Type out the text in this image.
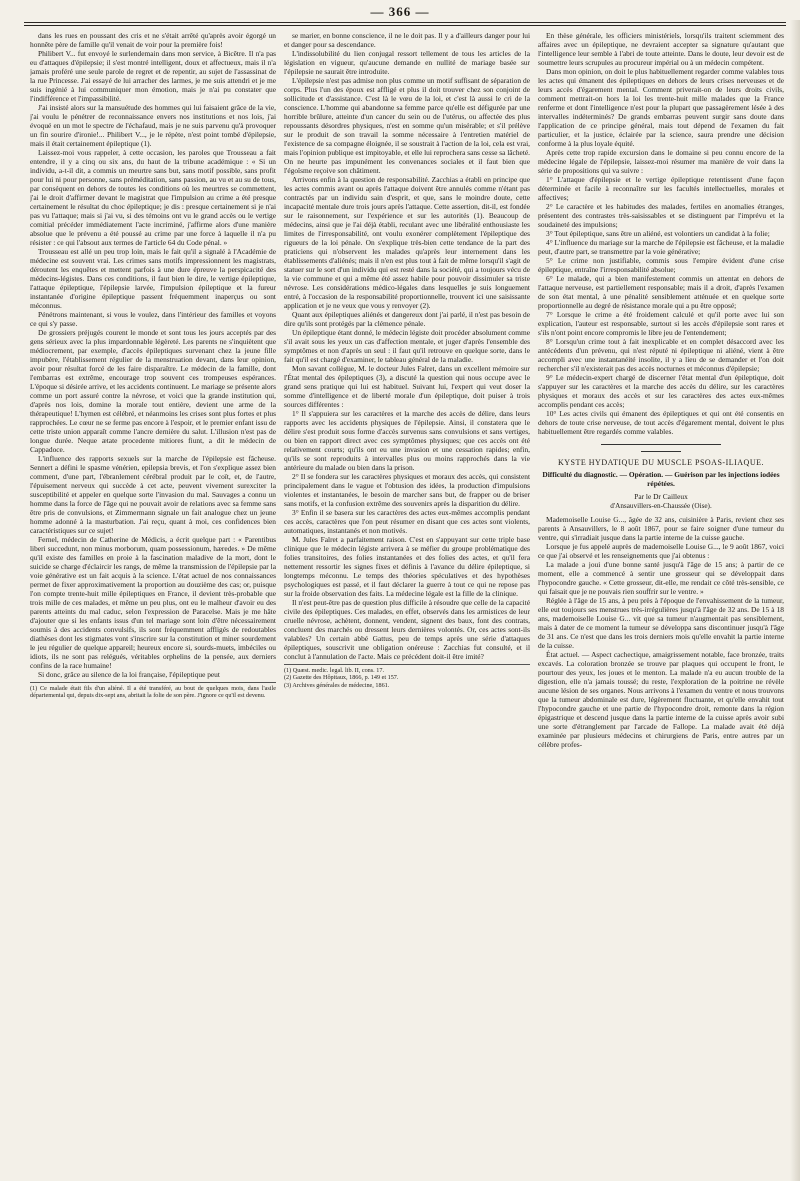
— 366 —

dans les rues en poussant des cris et ne s'était arrêté qu'après avoir égorgé un honnête père de famille qu'il venait de voir pour la première fois!

Philibert V... fut envoyé le surlendemain dans mon service, à Bicêtre. Il n'a pas eu d'attaques d'épilepsie; il s'est montré intelligent, doux et affectueux, mais il n'a jamais proféré une seule parole de regret et de repentir, au sujet de l'assassinat de la rue Princesse. J'ai essayé de lui arracher des larmes, je me suis attendri et je me suis ingénié à lui communiquer mon émotion, mais je n'ai pu constater que l'indifférence et l'impassibilité.

J'ai insisté alors sur la mansuétude des hommes qui lui faisaient grâce de la vie, j'ai voulu le pénétrer de reconnaissance envers nos institutions et nos lois, j'ai évoqué en un mot le spectre de l'échafaud, mais je ne suis parvenu qu'à provoquer un fin sourire d'ironie!... Philibert V..., je le répète, n'est point tombé d'épilepsie, mais il était certainement épileptique (1).

Laissez-moi vous rappeler, à cette occasion, les paroles que Trousseau a fait entendre, il y a cinq ou six ans, du haut de la tribune académique : « Si un individu, a-t-il dit, a commis un meurtre sans but, sans motif possible, sans profit pour lui ni pour personne, sans préméditation, sans passion, au vu et au su de tous, par conséquent en dehors de toutes les conditions où les meurtres se commettent, j'ai le droit d'affirmer devant le magistrat que l'impulsion au crime a été presque certainement le résultat du choc épileptique; je dis : presque certainement si je n'ai pas vu l'attaque; mais si j'ai vu, si des témoins ont vu le grand accès ou le vertige comitial précéder immédiatement l'acte incriminé, j'affirme alors d'une manière absolue que le prévenu a été poussé au crime par une force à laquelle il n'a pu résister : ce qui l'absout aux termes de l'article 64 du Code pénal. »

Trousseau est allé un peu trop loin, mais le fait qu'il a signalé à l'Académie de médecine est souvent vrai. Les crimes sans motifs impressionnent les magistrats, déroutent les enquêtes et mettent parfois à une dure épreuve la perspicacité des médecins-légistes. Dans ces conditions, il faut bien le dire, le vertige épileptique, l'attaque épileptique, l'épilepsie larvée, l'impulsion épileptique et la fureur instantanée d'origine épileptique passent fréquemment inaperçus ou sont méconnus.

Pénétrons maintenant, si vous le voulez, dans l'intérieur des familles et voyons ce qui s'y passe.

De grossiers préjugés courent le monde et sont tous les jours acceptés par des gens sérieux avec la plus impardonnable légèreté. Les parents ne s'inquiètent que médiocrement, par exemple, d'accès épileptiques survenant chez la jeune fille impubère, l'établissement régulier de la menstruation devant, dans leur opinion, avoir pour résultat forcé de les faire disparaître. Le médecin de la famille, dont l'embarras est extrême, encourage trop souvent ces trompeuses espérances. L'époque si désirée arrive, et les accidents continuent. Le mariage se présente alors comme un port assuré contre la névrose, et voici que la grande institution qui, d'après nos lois, domine la morale tout entière, devient une arme de la thérapeutique! L'hymen est célébré, et néanmoins les crises sont plus fortes et plus rapprochées. Le cœur ne se ferme pas encore à l'espoir, et le premier enfant issu de cette triste union apparaît comme l'ancre dernière du salut. L'illusion n'est pas de longue durée. Neque ætate procedente mitiores fiunt, a dit le médecin de Cappadoce.

L'influence des rapports sexuels sur la marche de l'épilepsie est fâcheuse. Sennert a défini le spasme vénérien, epilepsia brevis, et l'on s'explique assez bien comment, d'une part, l'ébranlement cérébral produit par le coït, et, de l'autre, l'épuisement nerveux qui succède à cet acte, peuvent vivement surexciter la susceptibilité et appeler en quelque sorte l'invasion du mal. Sauvages a connu un homme dans la force de l'âge qui ne pouvait avoir de relations avec sa femme sans être pris de convulsions, et Zimmermann signale un fait analogue chez un jeune homme adonné à la masturbation. J'ai reçu, quant à moi, ces confidences bien caractéristiques sur ce sujet!

Fernel, médecin de Catherine de Médicis, a écrit quelque part : « Parentibus liberi succedunt, non minus morborum, quam possessionum, hæredes. » De même qu'il existe des familles en proie à la fascination maladive de la mort, dont le suicide se charge d'éclaircir les rangs, de même la transmission de l'épilepsie par la voie générative est un fait acquis à la science. L'état actuel de nos connaissances permet de fixer approximativement la proportion au douzième des cas; or, puisque l'on compte trente-huit mille épileptiques en France, il devient très-probable que trois mille de ces malades, et même un peu plus, ont eu le malheur d'avoir eu des parents atteints du mal caduc, selon l'expression de Paracelse. Mais je me hâte d'ajouter que si les enfants issus d'un tel mariage sont loin d'être nécessairement soumis à des accidents convulsifs, ils sont fréquemment affligés de redoutables diathèses dont les stigmates vont s'inscrire sur la constitution et miner sourdement le jeu régulier de quelque appareil; heureux encore si, sourds-muets, imbéciles ou idiots, ils ne sont pas relégués, véritables orphelins de la pensée, aux derniers confins de la race humaine!

Si donc, grâce au silence de la loi française, l'épileptique peut

(1) Ce malade était fils d'un aliéné. Il a été transféré, au bout de quelques mois, dans l'asile départemental qui, depuis dix-sept ans, abritait la folie de son père. J'ignore ce qu'il est devenu.

se marier, en bonne conscience, il ne le doit pas. Il y a d'ailleurs danger pour lui et danger pour sa descendance.

L'indissolubilité du lien conjugal ressort tellement de tous les articles de la législation en vigueur, qu'aucune demande en nullité de mariage basée sur l'épilepsie ne saurait être introduite.

L'épilepsie n'est pas admise non plus comme un motif suffisant de séparation de corps. Plus l'un des époux est affligé et plus il doit trouver chez son conjoint de sollicitude et d'assistance. C'est là le vœu de la loi, et c'est là aussi le cri de la conscience. L'homme qui abandonne sa femme parce qu'elle est défigurée par une horrible brûlure, atteinte d'un cancer du sein ou de l'utérus, ou affectée des plus repoussants désordres physiques, n'est en somme qu'un misérable; et s'il prélève sur le produit de son travail la somme nécessaire à l'entretien matériel de l'existence de sa compagne éloignée, il se soustrait à l'action de la loi, cela est vrai, mais l'opinion publique est impitoyable, et elle lui reprochera sans cesse sa lâcheté. On ne heurte pas impunément les convenances sociales et il faut bien que l'égoïsme reçoive son châtiment.

Arrivons enfin à la question de responsabilité. Zacchias a établi en principe que les actes commis avant ou après l'attaque doivent être annulés comme n'étant pas contractés par un individu sain d'esprit, et que, sans le moindre doute, cette incapacité mentale dure trois jours après l'attaque. Cette assertion, dit-il, est fondée sur le raisonnement, sur l'expérience et sur les autorités (1). Beaucoup de médecins, ainsi que je l'ai déjà établi, reculant avec une libéralité enthousiaste les limites de l'irresponsabilité, ont voulu exonérer complètement l'épileptique des rigueurs de la loi pénale. On s'explique très-bien cette tendance de la part des praticiens qui n'observent les malades qu'après leur internement dans les établissements d'aliénés; mais il n'en est plus tout à fait de même lorsqu'il s'agit de statuer sur le sort d'un individu qui est resté dans la société, qui a toujours vécu de la vie commune et qui a même été assez habile pour pouvoir dissimuler sa triste névrose. Les considérations médico-légales dans lesquelles je suis longuement entré, à l'occasion de la responsabilité proportionnelle, trouvent ici une saisissante application et je ne veux que vous y renvoyer (2).

Quant aux épileptiques aliénés et dangereux dont j'ai parlé, il n'est pas besoin de dire qu'ils sont protégés par la clémence pénale.

Un épileptique étant donné, le médecin légiste doit procéder absolument comme s'il avait sous les yeux un cas d'affection mentale, et juger d'après l'ensemble des symptômes et non d'après un seul : il faut qu'il retrouve en quelque sorte, dans le fait qu'il est chargé d'examiner, le tableau général de la maladie.

Mon savant collègue, M. le docteur Jules Falret, dans un excellent mémoire sur l'État mental des épileptiques (3), a discuté la question qui nous occupe avec le grand sens pratique qui lui est habituel. Suivant lui, l'expert qui veut doser la somme d'intelligence et de liberté morale d'un épileptique, doit puiser à trois sources différentes :

1° Il s'appuiera sur les caractères et la marche des accès de délire, dans leurs rapports avec les accidents physiques de l'épilepsie. Ainsi, il constatera que le délire s'est produit sous forme d'accès survenus sans convulsions et sans vertiges, ou bien en rapport direct avec ces symptômes physiques; que ces accès ont été relativement courts; qu'ils ont eu une invasion et une cessation rapides; enfin, qu'ils se sont reproduits à intervalles plus ou moins rapprochés dans la vie antérieure du malade ou bien dans la prison.

2° Il se fondera sur les caractères physiques et moraux des accès, qui consistent principalement dans le vague et l'obtusion des idées, la production d'impulsions violentes et instantanées, le besoin de marcher sans but, de frapper ou de briser sans motifs, et la confusion extrême des souvenirs après la disparition du délire.

3° Enfin il se basera sur les caractères des actes eux-mêmes accomplis pendant ces accès, caractères que l'on peut résumer en disant que ces actes sont violents, automatiques, instantanés et non motivés.

M. Jules Falret a parfaitement raison. C'est en s'appuyant sur cette triple base clinique que le médecin légiste arrivera à se méfier du groupe problématique des folies transitoires, des folies instantanées et des folies des actes, et qu'il fera nettement ressortir les signes fixes et définis à l'avance du délire épileptique, si longtemps méconnu. Le temps des théories spéculatives et des hypothèses psychologiques est passé, et il faut déclarer la guerre à tout ce qui ne repose pas sur la froide observation des faits. La médecine légale est la fille de la clinique.

Il n'est peut-être pas de question plus difficile à résoudre que celle de la capacité civile des épileptiques. Ces malades, en effet, observés dans les armistices de leur cruelle névrose, achètent, donnent, vendent, signent des baux, font des contrats, concluent des marchés ou dressent leurs dernières volontés. Or, ces actes sont-ils valables? Un certain abbé Gattus, peu de temps après une série d'attaques épileptiques, souscrivit une obligation onéreuse : Zacchias fut consulté, et il conclut à l'annulation de l'acte. Mais ce précédent doit-il être imité?

(1) Quæst. medic. legal. lib. II, cons. 17.

(2) Gazette des Hôpitaux, 1866, p. 149 et 157.

(3) Archives générales de médecine, 1861.

En thèse générale, les officiers ministériels, lorsqu'ils traitent sciemment des affaires avec un épileptique, ne devraient accepter sa signature qu'autant que l'intelligence leur semble à l'abri de toute atteinte. Dans le doute, leur devoir est de soumettre leurs scrupules au procureur impérial ou à un médecin compétent.

Dans mon opinion, on doit le plus habituellement regarder comme valables tous les actes qui émanent des épileptiques en dehors de leurs crises nerveuses et de leurs accès d'égarement mental. Comment priverait-on de leurs droits civils, comment mettrait-on hors la loi les trente-huit mille malades que la France renferme et dont l'intelligence n'est pour la plupart que passagèrement lésée à des intervalles indéterminés? De grands embarras peuvent surgir sans doute dans l'application de ce principe général, mais tout dépend de l'examen du fait particulier, et la justice, éclairée par la science, saura prendre une décision conforme à la plus loyale équité.

Après cette trop rapide excursion dans le domaine si peu connu encore de la médecine légale de l'épilepsie, laissez-moi résumer ma manière de voir dans la série de propositions qui va suivre :

1° L'attaque d'épilepsie et le vertige épileptique retentissent d'une façon déterminée et facile à reconnaître sur les facultés intellectuelles, morales et affectives;

2° Le caractère et les habitudes des malades, fertiles en anomalies étranges, présentent des contrastes très-saisissables et se distinguent par l'imprévu et la soudaineté des impulsions;

3° Tout épileptique, sans être un aliéné, est volontiers un candidat à la folie;

4° L'influence du mariage sur la marche de l'épilepsie est fâcheuse, et la maladie peut, d'autre part, se transmettre par la voie générative;

5° Le crime non justifiable, commis sous l'empire évident d'une crise épileptique, entraîne l'irresponsabilité absolue;

6° Le malade, qui a bien manifestement commis un attentat en dehors de l'attaque nerveuse, est partiellement responsable; mais il a droit, d'après l'examen de son état mental, à une pénalité sensiblement atténuée et en quelque sorte proportionnelle au degré de résistance morale qui a pu être opposé;

7° Lorsque le crime a été froidement calculé et qu'il porte avec lui son explication, l'auteur est responsable, surtout si les accès d'épilepsie sont rares et s'ils n'ont point encore compromis le libre jeu de l'entendement;

8° Lorsqu'un crime tout à fait inexplicable et en complet désaccord avec les antécédents d'un prévenu, qui n'est réputé ni épileptique ni aliéné, vient à être accompli avec une instantanéité insolite, il y a lieu de se demander et l'on doit rechercher s'il n'existerait pas des accès nocturnes et méconnus d'épilepsie;

9° Le médecin-expert chargé de discerner l'état mental d'un épileptique, doit s'appuyer sur les caractères et la marche des accès du délire, sur les caractères physiques et moraux des accès et sur les caractères des actes eux-mêmes accomplis pendant ces accès;

10° Les actes civils qui émanent des épileptiques et qui ont été consentis en dehors de toute crise nerveuse, de tout accès d'égarement mental, doivent le plus habituellement être regardés comme valables.

KYSTE HYDATIQUE DU MUSCLE PSOAS-ILIAQUE.
Difficulté du diagnostic. — Opération. — Guérison par les injections iodées répétées.
Par le Dr Cailleux
d'Ansauvillers-en-Chaussée (Oise).

Mademoiselle Louise G..., âgée de 32 ans, cuisinière à Paris, revient chez ses parents à Ansauvillers, le 8 août 1867, pour se faire soigner d'une tumeur du ventre, qui s'irradiait jusque dans la partie interne de la cuisse gauche.

Lorsque je fus appelé auprès de mademoiselle Louise G..., le 9 août 1867, voici ce que j'ai observé et les renseignements que j'ai obtenus :

La malade a joui d'une bonne santé jusqu'à l'âge de 15 ans; à partir de ce moment, elle a commencé à sentir une grosseur qui se développait dans l'hypocondre gauche. « Cette grosseur, dit-elle, me rendait ce côté très-sensible, ce qui faisait que je ne pouvais rien souffrir sur le ventre. »

Réglée à l'âge de 15 ans, à peu près à l'époque de l'envahissement de la tumeur, elle eut toujours ses menstrues très-irrégulières jusqu'à l'âge de 32 ans. De 15 à 18 ans, mademoiselle Louise G... vit que sa tumeur n'augmentait pas sensiblement, mais à dater de ce moment la tumeur se développa sans discontinuer jusqu'à l'âge de 31 ans. Ce n'est que dans les trois derniers mois qu'elle envahit la partie interne de la cuisse.

État actuel. — Aspect cachectique, amaigrissement notable, face bronzée, traits excavés. La coloration bronzée se trouve par plaques qui occupent le front, le pourtour des yeux, les joues et le menton. La malade n'a eu aucun trouble de la digestion, elle n'a jamais toussé; du reste, l'exploration de la poitrine ne révèle aucune lésion de ses organes. Nous arrivons à l'examen du ventre et nous trouvons que la tumeur abdominale est dure, légèrement fluctuante, et qu'elle envahit tout l'hypocondre gauche et une partie de l'hypocondre droit, remonte dans la région épigastrique et descend jusque dans la partie interne de la cuisse après avoir subi une sorte d'étranglement par l'arcade de Fallope. La malade avait été déjà examinée par plusieurs médecins et chirurgiens de Paris, entre autres par un célèbre profes-
